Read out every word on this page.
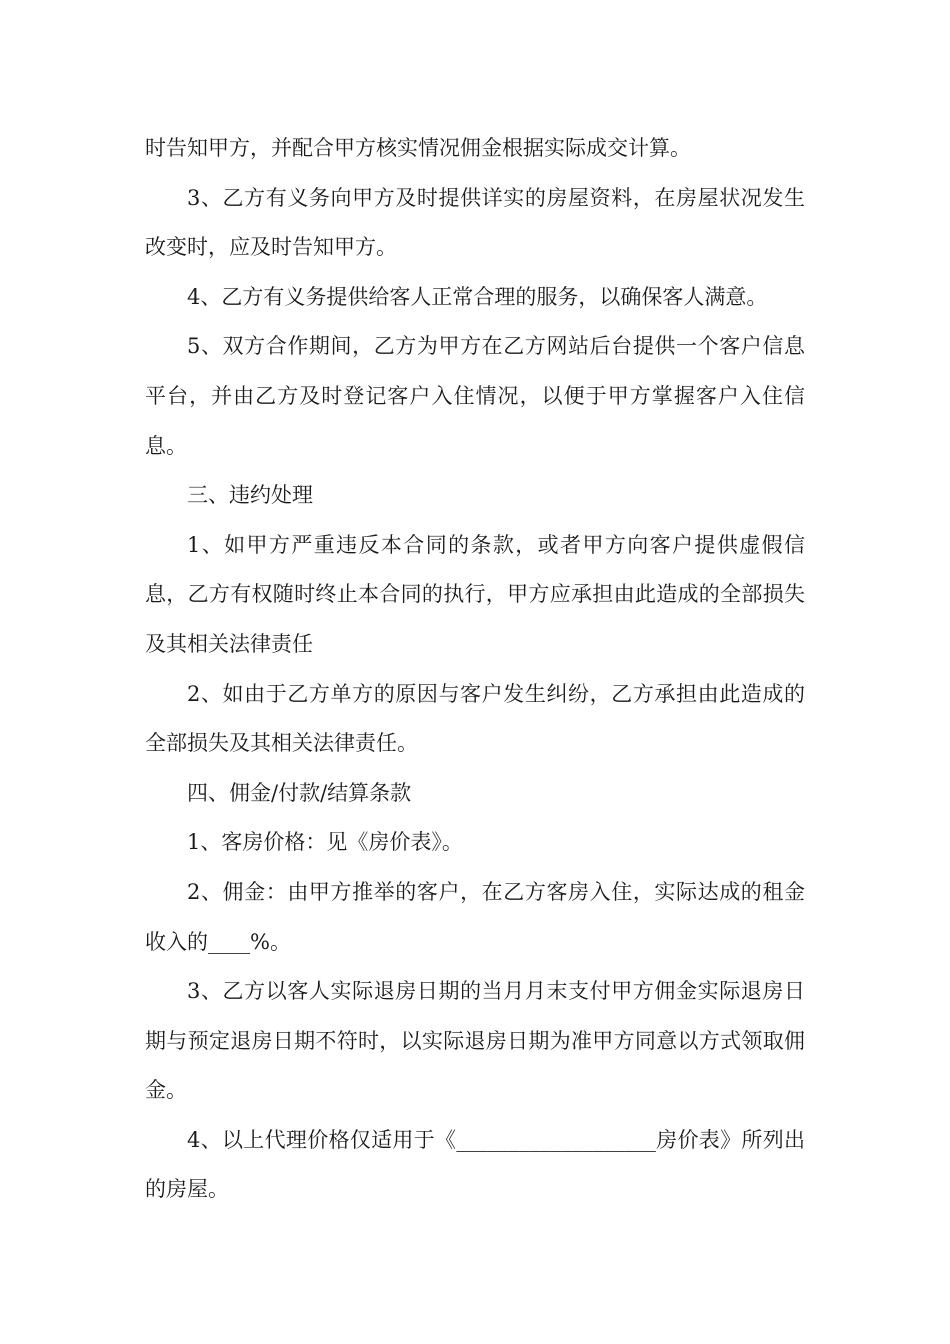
时告知甲方，并配合甲方核实情况佣金根据实际成交计算。

3、乙方有义务向甲方及时提供详实的房屋资料，在房屋状况发生改变时，应及时告知甲方。

4、乙方有义务提供给客人正常合理的服务，以确保客人满意。

5、双方合作期间，乙方为甲方在乙方网站后台提供一个客户信息平台，并由乙方及时登记客户入住情况，以便于甲方掌握客户入住信息。

三、违约处理

1、如甲方严重违反本合同的条款，或者甲方向客户提供虚假信息，乙方有权随时终止本合同的执行，甲方应承担由此造成的全部损失及其相关法律责任

2、如由于乙方单方的原因与客户发生纠纷，乙方承担由此造成的全部损失及其相关法律责任。

四、佣金/付款/结算条款

1、客房价格：见《房价表》。

2、佣金：由甲方推举的客户，在乙方客房入住，实际达成的租金收入的____%。

3、乙方以客人实际退房日期的当月月末支付甲方佣金实际退房日期与预定退房日期不符时，以实际退房日期为准甲方同意以方式领取佣金。

4、以上代理价格仅适用于《___________________房价表》所列出的房屋。
